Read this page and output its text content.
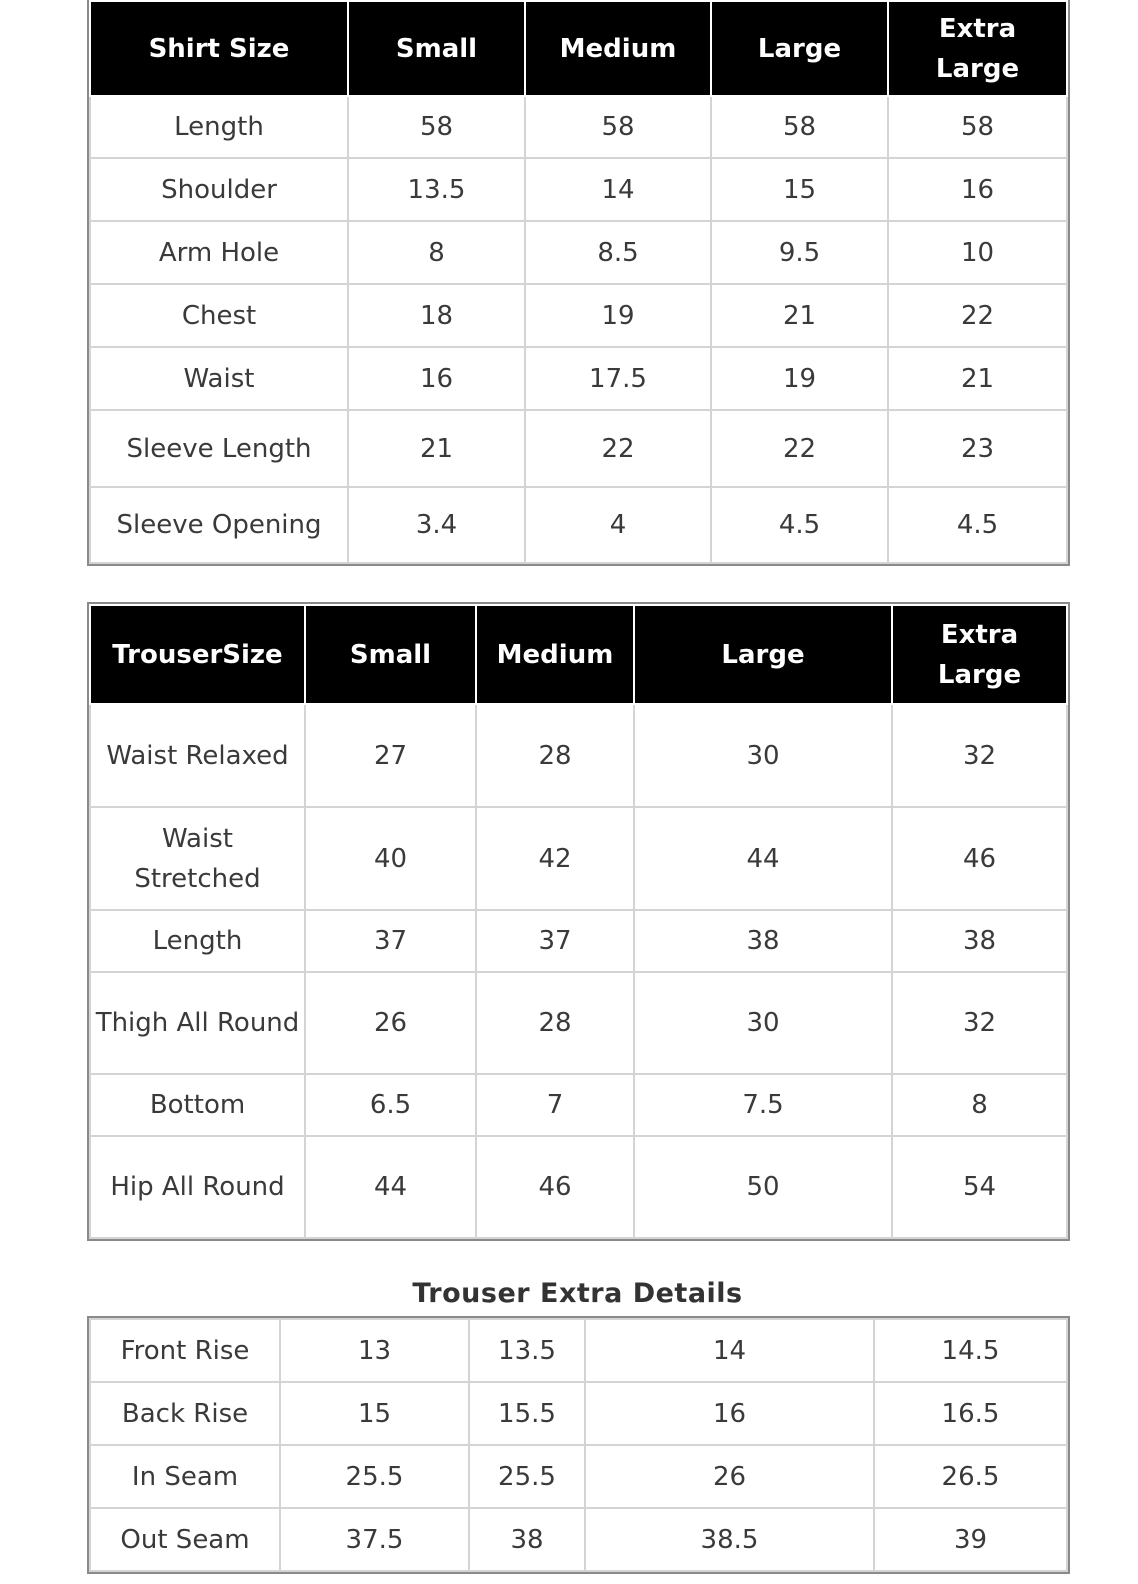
Shirt Size	Small	Medium	Large	Extra Large
Length	58	58	58	58
Shoulder	13.5	14	15	16
Arm Hole	8	8.5	9.5	10
Chest	18	19	21	22
Waist	16	17.5	19	21
Sleeve Length	21	22	22	23
Sleeve Opening	3.4	4	4.5	4.5
TrouserSize	Small	Medium	Large	Extra Large
Waist Relaxed	27	28	30	32
Waist Stretched	40	42	44	46
Length	37	37	38	38
Thigh All Round	26	28	30	32
Bottom	6.5	7	7.5	8
Hip All Round	44	46	50	54
Trouser Extra Details
Front Rise	13	13.5	14	14.5
Back Rise	15	15.5	16	16.5
In Seam	25.5	25.5	26	26.5
Out Seam	37.5	38	38.5	39
